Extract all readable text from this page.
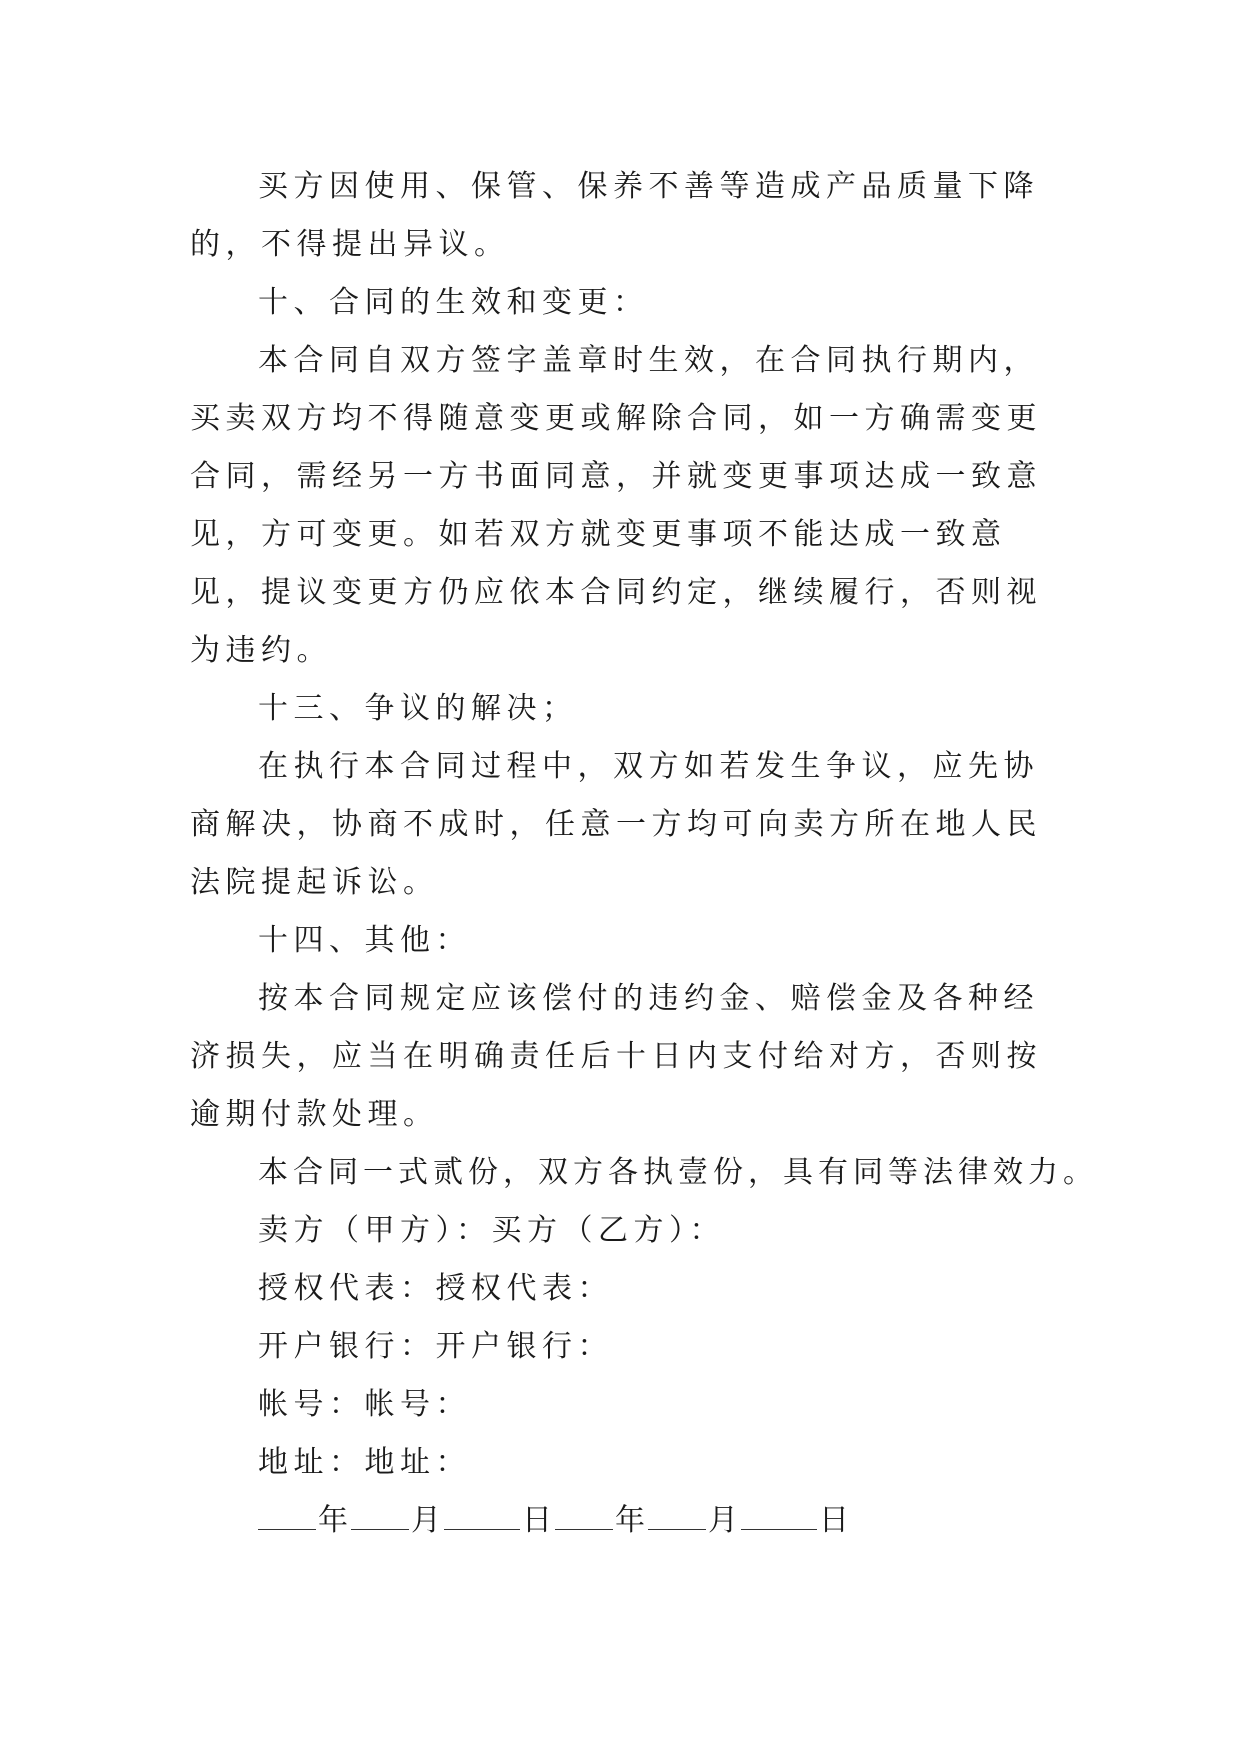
买方因使用、保管、保养不善等造成产品质量下降的，不得提出异议。

十、合同的生效和变更：

本合同自双方签字盖章时生效，在合同执行期内，买卖双方均不得随意变更或解除合同，如一方确需变更合同，需经另一方书面同意，并就变更事项达成一致意见，方可变更。如若双方就变更事项不能达成一致意见，提议变更方仍应依本合同约定，继续履行，否则视为违约。

十三、争议的解决；

在执行本合同过程中，双方如若发生争议，应先协商解决，协商不成时，任意一方均可向卖方所在地人民法院提起诉讼。

十四、其他：

按本合同规定应该偿付的违约金、赔偿金及各种经济损失，应当在明确责任后十日内支付给对方，否则按逾期付款处理。

本合同一式贰份，双方各执壹份，具有同等法律效力。

卖方（甲方）：买方（乙方）：

授权代表：授权代表：

开户银行：开户银行：

帐号：帐号：

地址：地址：

年 月	日 年 月	日
